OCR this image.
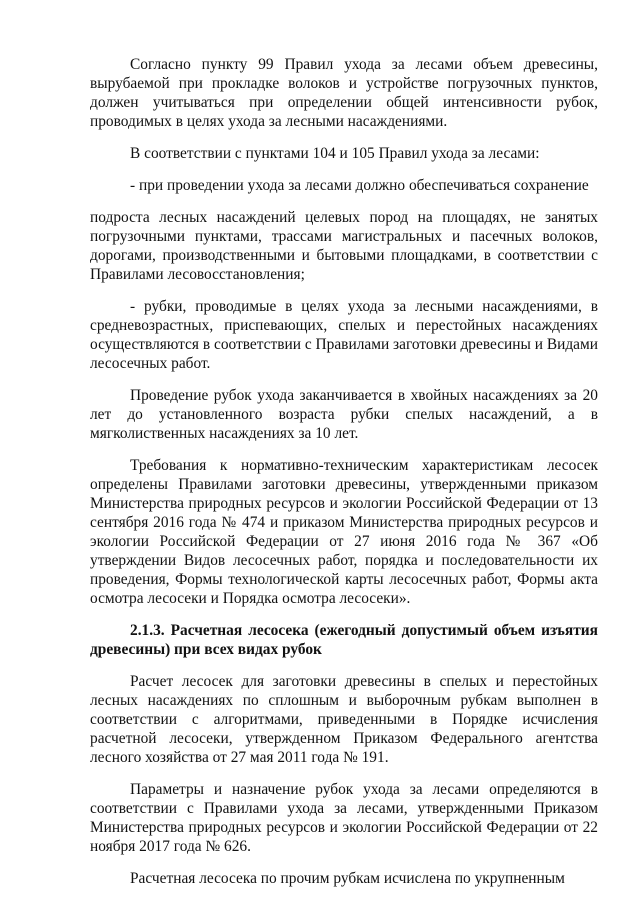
Согласно пункту 99 Правил ухода за лесами объем древесины, вырубаемой при прокладке волоков и устройстве погрузочных пунктов, должен учитываться при определении общей интенсивности рубок, проводимых в целях ухода за лесными насаждениями.

В соответствии с пунктами 104 и 105 Правил ухода за лесами:

- при проведении ухода за лесами должно обеспечиваться сохранение

подроста лесных насаждений целевых пород на площадях, не занятых погрузочными пунктами, трассами магистральных и пасечных волоков, дорогами, производственными и бытовыми площадками, в соответствии с Правилами лесовосстановления;

- рубки, проводимые в целях ухода за лесными насаждениями, в средневозрастных, приспевающих, спелых и перестойных насаждениях осуществляются в соответствии с Правилами заготовки древесины и Видами лесосечных работ.

Проведение рубок ухода заканчивается в хвойных насаждениях за 20 лет до установленного возраста рубки спелых насаждений, а в мягколиственных насаждениях за 10 лет.

Требования к нормативно-техническим характеристикам лесосек определены Правилами заготовки древесины, утвержденными приказом Министерства природных ресурсов и экологии Российской Федерации от 13 сентября 2016 года № 474 и приказом Министерства природных ресурсов и экологии Российской Федерации от 27 июня 2016 года № 367 «Об утверждении Видов лесосечных работ, порядка и последовательности их проведения, Формы технологической карты лесосечных работ, Формы акта осмотра лесосеки и Порядка осмотра лесосеки».

2.1.3. Расчетная лесосека (ежегодный допустимый объем изъятия древесины) при всех видах рубок

Расчет лесосек для заготовки древесины в спелых и перестойных лесных насаждениях по сплошным и выборочным рубкам выполнен в соответствии с алгоритмами, приведенными в Порядке исчисления расчетной лесосеки, утвержденном Приказом Федерального агентства лесного хозяйства от 27 мая 2011 года № 191.

Параметры и назначение рубок ухода за лесами определяются в соответствии с Правилами ухода за лесами, утвержденными Приказом Министерства природных ресурсов и экологии Российской Федерации от 22 ноября 2017 года № 626.

Расчетная лесосека по прочим рубкам исчислена по укрупненным
